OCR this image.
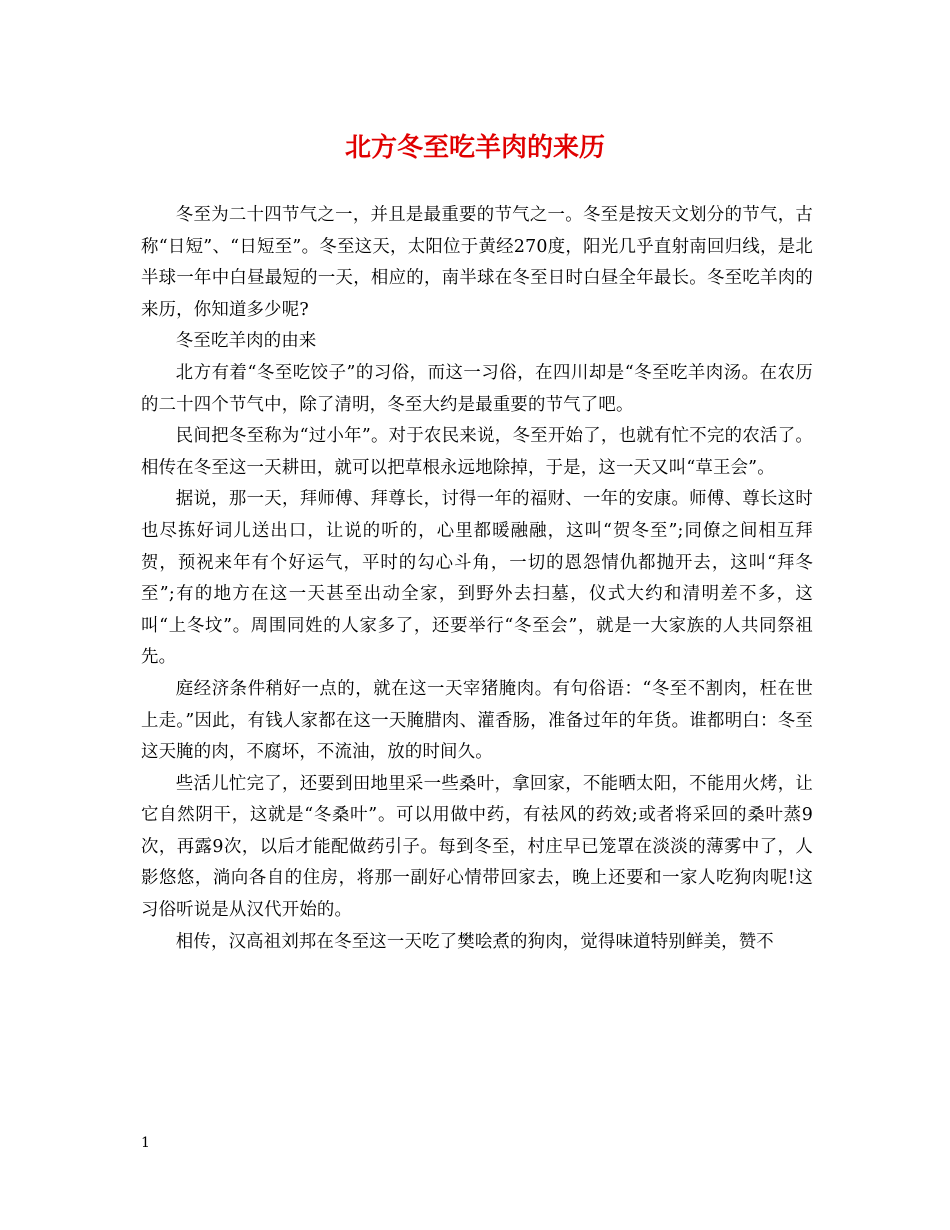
北方冬至吃羊肉的来历

冬至为二十四节气之一，并且是最重要的节气之一。冬至是按天文划分的节气，古称“日短”、“日短至”。冬至这天，太阳位于黄经270度，阳光几乎直射南回归线，是北半球一年中白昼最短的一天，相应的，南半球在冬至日时白昼全年最长。冬至吃羊肉的来历，你知道多少呢?

冬至吃羊肉的由来

北方有着“冬至吃饺子”的习俗，而这一习俗，在四川却是“冬至吃羊肉汤。在农历的二十四个节气中，除了清明，冬至大约是最重要的节气了吧。

民间把冬至称为“过小年”。对于农民来说，冬至开始了，也就有忙不完的农活了。相传在冬至这一天耕田，就可以把草根永远地除掉，于是，这一天又叫“草王会”。

据说，那一天，拜师傅、拜尊长，讨得一年的福财、一年的安康。师傅、尊长这时也尽拣好词儿送出口，让说的听的，心里都暖融融，这叫“贺冬至”;同僚之间相互拜贺，预祝来年有个好运气，平时的勾心斗角，一切的恩怨情仇都抛开去，这叫“拜冬至”;有的地方在这一天甚至出动全家，到野外去扫墓，仪式大约和清明差不多，这叫“上冬坟”。周围同姓的人家多了，还要举行“冬至会”，就是一大家族的人共同祭祖先。

庭经济条件稍好一点的，就在这一天宰猪腌肉。有句俗语：“冬至不割肉，枉在世上走。”因此，有钱人家都在这一天腌腊肉、灌香肠，准备过年的年货。谁都明白：冬至这天腌的肉，不腐坏，不流油，放的时间久。

些活儿忙完了，还要到田地里采一些桑叶，拿回家，不能晒太阳，不能用火烤，让它自然阴干，这就是“冬桑叶”。可以用做中药，有祛风的药效;或者将采回的桑叶蒸9次，再露9次，以后才能配做药引子。每到冬至，村庄早已笼罩在淡淡的薄雾中了，人影悠悠，淌向各自的住房，将那一副好心情带回家去，晚上还要和一家人吃狗肉呢!这习俗听说是从汉代开始的。

相传，汉高祖刘邦在冬至这一天吃了樊哙煮的狗肉，觉得味道特别鲜美，赞不

1
